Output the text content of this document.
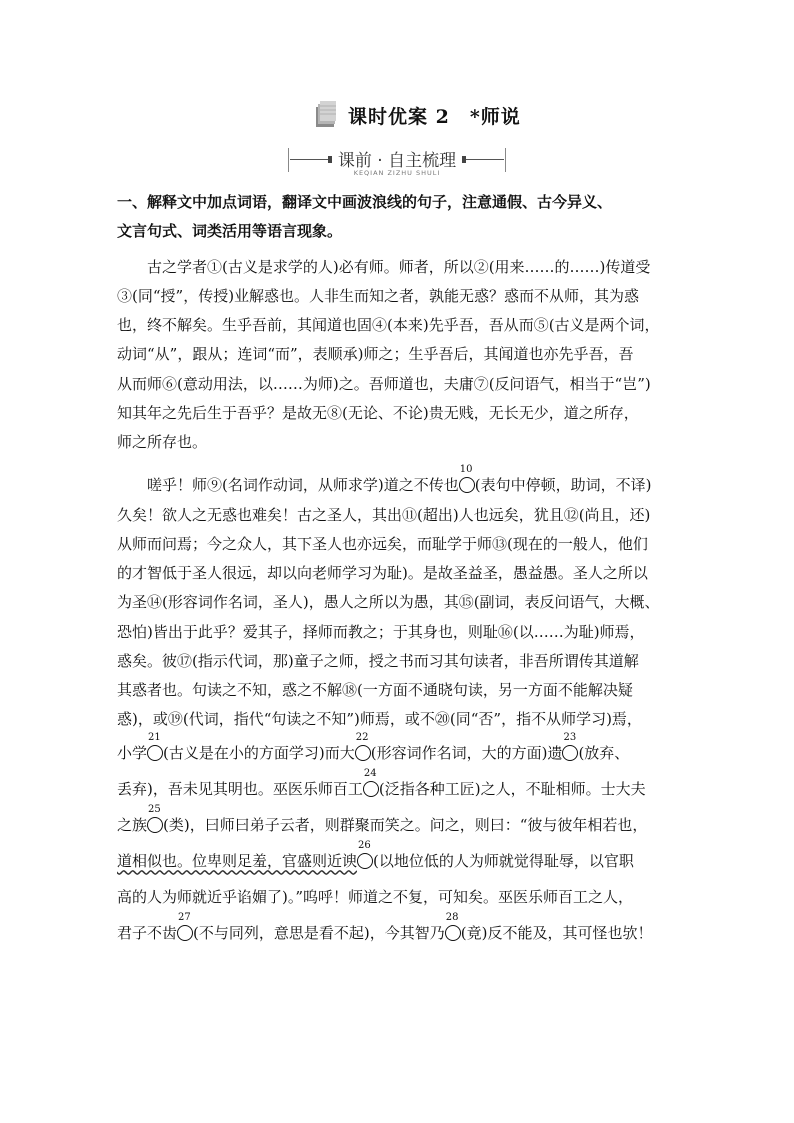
课时优案 2　*师说
课前 · 自主梳理
KEQIAN ZIZHU SHULI
一、解释文中加点词语，翻译文中画波浪线的句子，注意通假、古今异义、
文言句式、词类活用等语言现象。
古之学者①(古义是求学的人)必有师。师者，所以②(用来……的……)传道受
③(同“授”，传授)业解惑也。人非生而知之者，孰能无惑？惑而不从师，其为惑
也，终不解矣。生乎吾前，其闻道也固④(本来)先乎吾，吾从而⑤(古义是两个词，
动词“从”，跟从；连词“而”，表顺承)师之；生乎吾后，其闻道也亦先乎吾，吾
从而师⑥(意动用法，以……为师)之。吾师道也，夫庸⑦(反问语气，相当于“岂”)
知其年之先后生于吾乎？是故无⑧(无论、不论)贵无贱，无长无少，道之所存，
师之所存也。
嗟乎！师⑨(名词作动词，从师求学)道之不传也
10
(表句中停顿，助词，不译)
久矣！欲人之无惑也难矣！古之圣人，其出⑪(超出)人也远矣，犹且⑫(尚且，还)
从师而问焉；今之众人，其下圣人也亦远矣，而耻学于师⑬(现在的一般人，他们
的才智低于圣人很远，却以向老师学习为耻)。是故圣益圣，愚益愚。圣人之所以
为圣⑭(形容词作名词，圣人)，愚人之所以为愚，其⑮(副词，表反问语气，大概、
恐怕)皆出于此乎？爱其子，择师而教之；于其身也，则耻⑯(以……为耻)师焉，
惑矣。彼⑰(指示代词，那)童子之师，授之书而习其句读者，非吾所谓传其道解
其惑者也。句读之不知，惑之不解⑱(一方面不通晓句读，另一方面不能解决疑
惑)，或⑲(代词，指代“句读之不知”)师焉，或不⑳(同“否”，指不从师学习)焉，
小学
21
(古义是在小的方面学习)而大
22
(形容词作名词，大的方面)遗
23
(放弃、
丢弃)，吾未见其明也。巫医乐师百工
24
(泛指各种工匠)之人，不耻相师。士大夫
之族
25
(类)，曰师曰弟子云者，则群聚而笑之。问之，则曰：“彼与彼年相若也，
道相似也。位卑则足羞，官盛则近谀
26
(以地位低的人为师就觉得耻辱，以官职
高的人为师就近乎谄媚了)。”呜呼！师道之不复，可知矣。巫医乐师百工之人，
君子不齿
27
(不与同列，意思是看不起)，今其智乃
28
(竟)反不能及，其可怪也欤！
